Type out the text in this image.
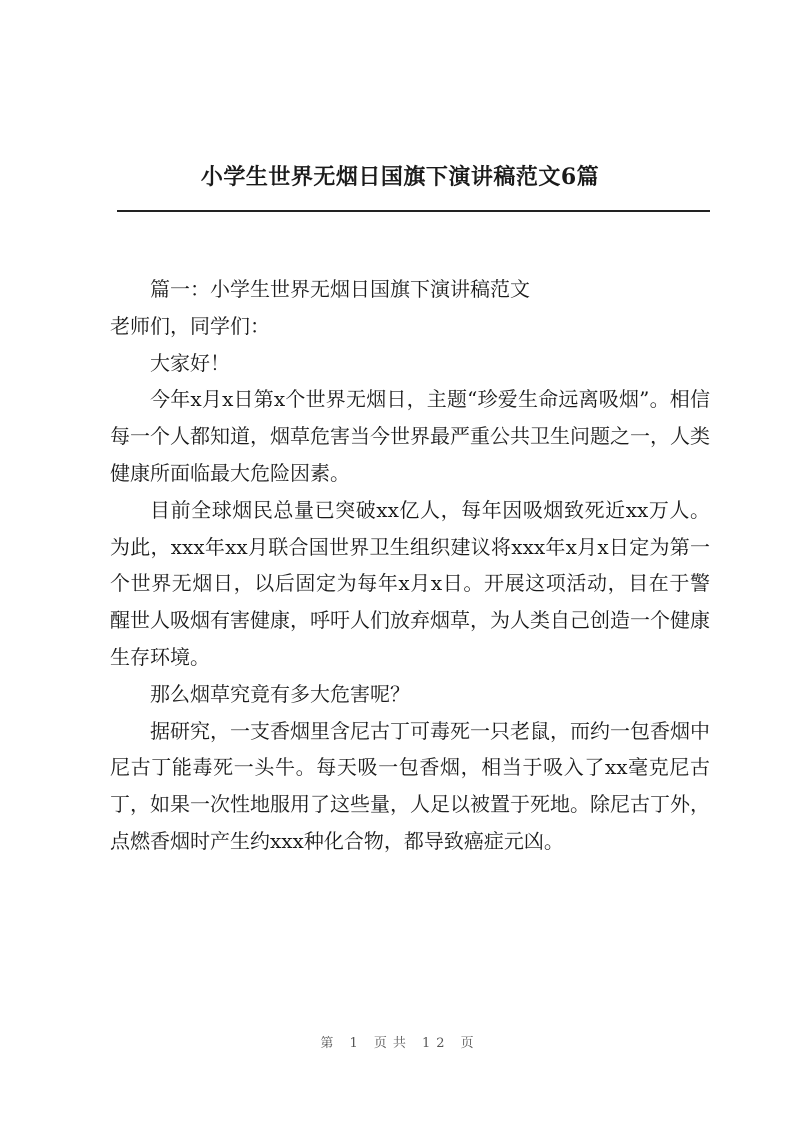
小学生世界无烟日国旗下演讲稿范文6篇

篇一：小学生世界无烟日国旗下演讲稿范文

老师们，同学们：

大家好！

今年x月x日第x个世界无烟日，主题“珍爱生命远离吸烟”。相信每一个人都知道，烟草危害当今世界最严重公共卫生问题之一，人类健康所面临最大危险因素。

目前全球烟民总量已突破xx亿人，每年因吸烟致死近xx万人。为此，xxx年xx月联合国世界卫生组织建议将xxx年x月x日定为第一个世界无烟日，以后固定为每年x月x日。开展这项活动，目在于警醒世人吸烟有害健康，呼吁人们放弃烟草，为人类自己创造一个健康生存环境。

那么烟草究竟有多大危害呢？

据研究，一支香烟里含尼古丁可毒死一只老鼠，而约一包香烟中尼古丁能毒死一头牛。每天吸一包香烟，相当于吸入了xx毫克尼古丁，如果一次性地服用了这些量，人足以被置于死地。除尼古丁外，点燃香烟时产生约xxx种化合物，都导致癌症元凶。

第 1 页共 12 页
